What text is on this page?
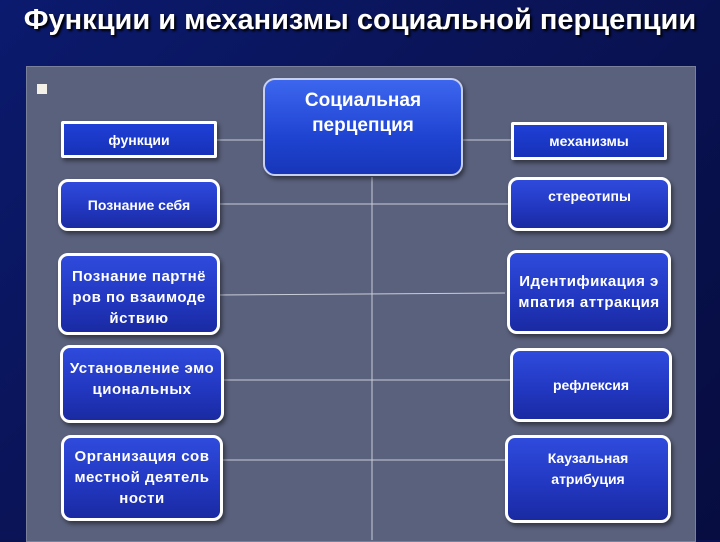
Функции и механизмы социальной перцепции
Социальная перцепция
функции	механизмы
Познание себя
Познание партнёров по взаимодействию
Установление эмоциональных
Организация совместной деятельности
стереотипы
Идентификация эмпатия аттракция
рефлексия
Каузальная атрибуция
